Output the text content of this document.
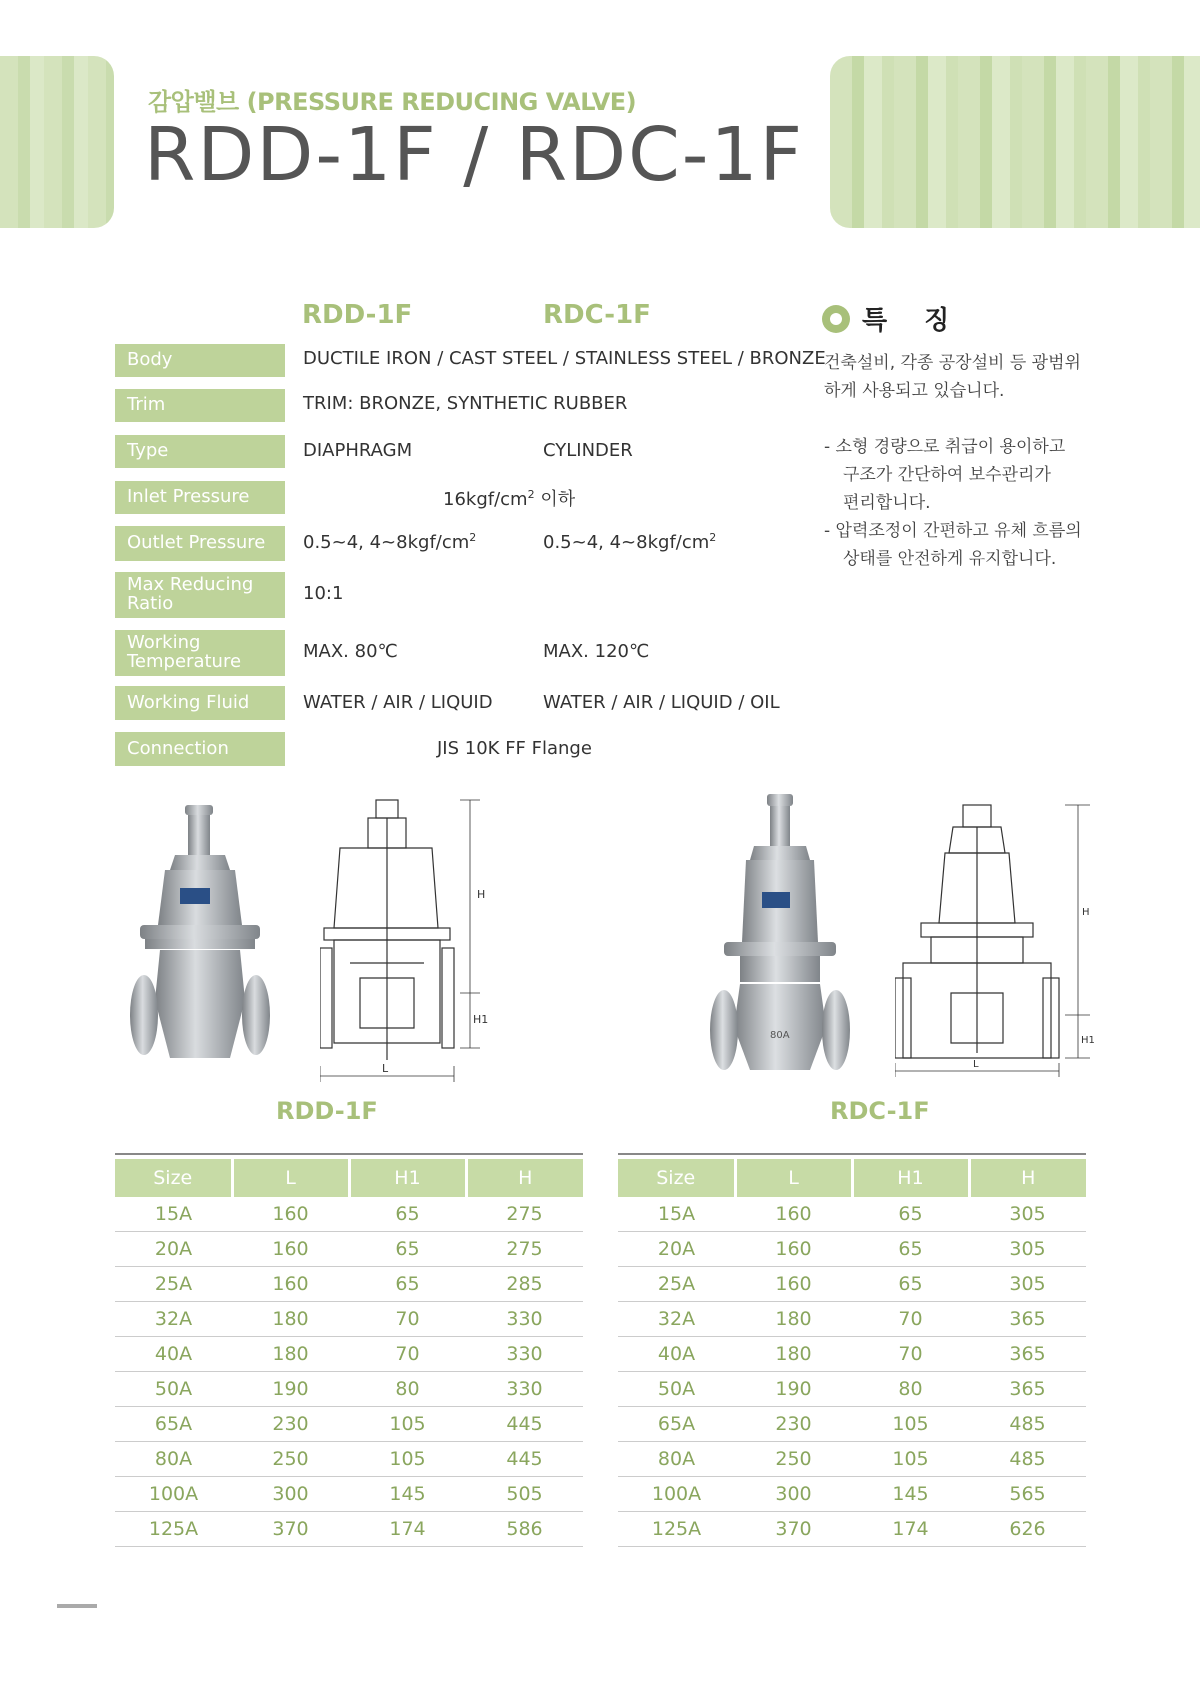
감압밸브 (PRESSURE REDUCING VALVE)
RDD-1F / RDC-1F
RDD-1F	RDC-1F
Body	DUCTILE IRON / CAST STEEL / STAINLESS STEEL / BRONZE
Trim	TRIM: BRONZE, SYNTHETIC RUBBER
Type	DIAPHRAGM	CYLINDER
Inlet Pressure	$16kgf/cm^2$ 이하
Outlet Pressure	0.5~4, $4\sim 8kgf/cm^2$	0.5~4, $4\sim 8kgf/cm^2$
Max Reducing
Ratio	10:1
Working
Temperature	MAX. 80℃	MAX. 120℃
Working Fluid	WATER / AIR / LIQUID	WATER / AIR / LIQUID / OIL
Connection	JIS 10K FF Flange
특 징
건축설비, 각종 공장설비 등 광범위
하게 사용되고 있습니다.
- 소형 경량으로 취급이 용이하고
구조가 간단하여 보수관리가
편리합니다.
- 압력조정이 간편하고 유체 흐름의
상태를 안전하게 유지합니다.
H
H1
L
80A
H
H1
L
RDD-1F	RDC-1F
Size	L	H1	H
15A	160	65	275
20A	160	65	275
25A	160	65	285
32A	180	70	330
40A	180	70	330
50A	190	80	330
65A	230	105	445
80A	250	105	445
100A	300	145	505
125A	370	174	586
Size	L	H1	H
15A	160	65	305
20A	160	65	305
25A	160	65	305
32A	180	70	365
40A	180	70	365
50A	190	80	365
65A	230	105	485
80A	250	105	485
100A	300	145	565
125A	370	174	626
